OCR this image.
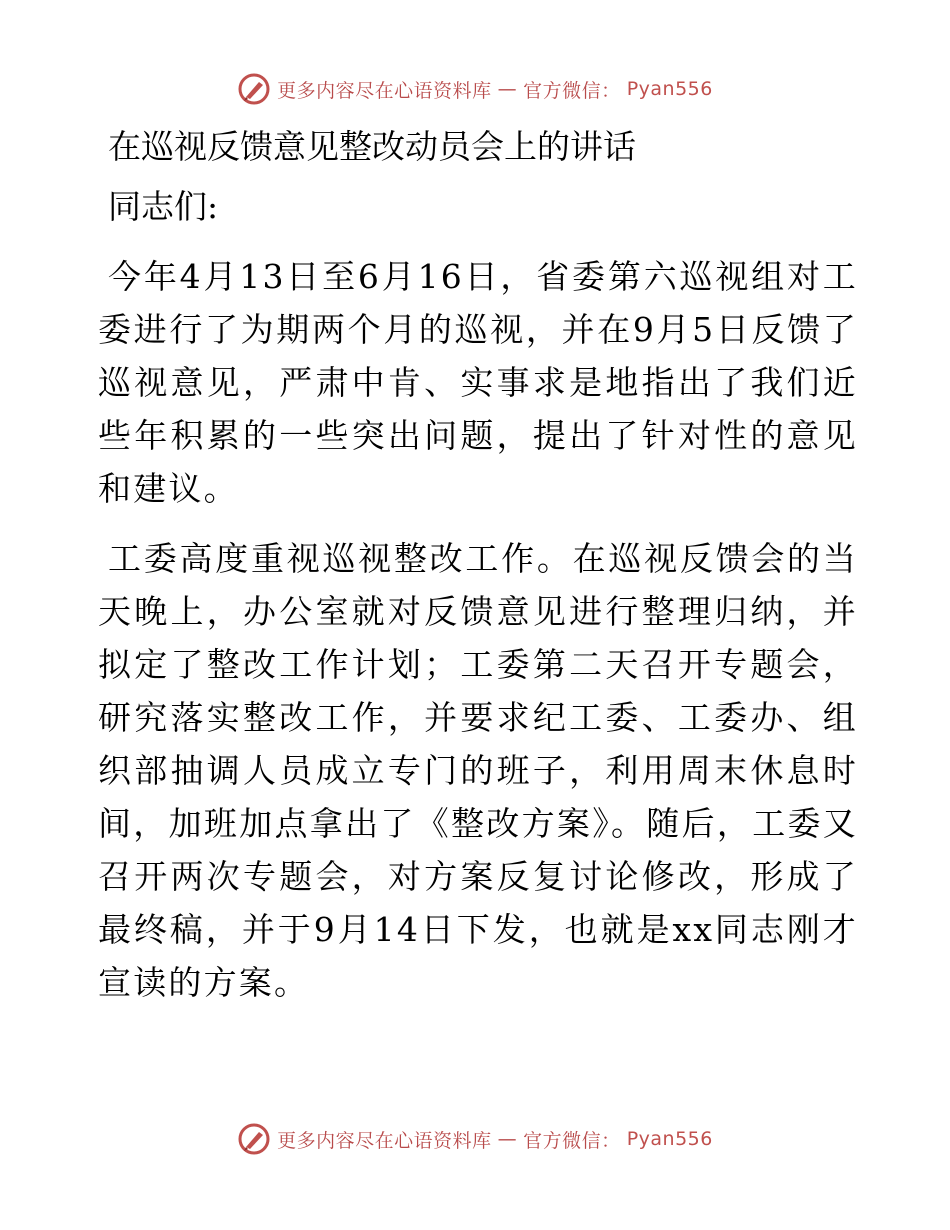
更多内容尽在心语资料库 — 官方微信： Pyan556
在巡视反馈意见整改动员会上的讲话
同志们:

今年4月13日至6月16日，省委第六巡视组对工委进行了为期两个月的巡视，并在9月5日反馈了巡视意见，严肃中肯、实事求是地指出了我们近些年积累的一些突出问题，提出了针对性的意见和建议。

工委高度重视巡视整改工作。在巡视反馈会的当天晚上，办公室就对反馈意见进行整理归纳，并拟定了整改工作计划；工委第二天召开专题会，研究落实整改工作，并要求纪工委、工委办、组织部抽调人员成立专门的班子，利用周末休息时间，加班加点拿出了《整改方案》。随后，工委又召开两次专题会，对方案反复讨论修改，形成了最终稿，并于9月14日下发，也就是xx同志刚才宣读的方案。

更多内容尽在心语资料库 — 官方微信： Pyan556
